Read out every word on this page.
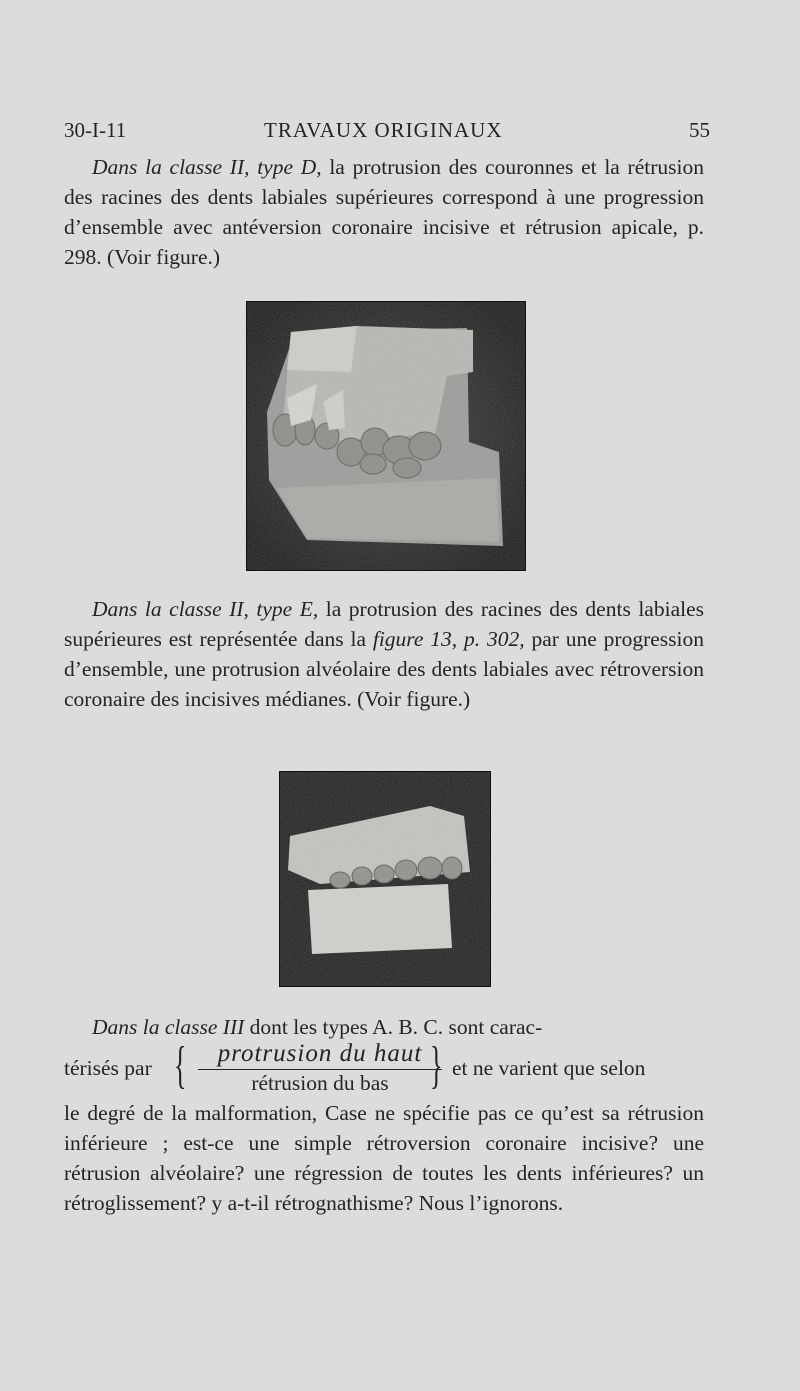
30-I-11	TRAVAUX ORIGINAUX	55

Dans la classe II, type D, la protrusion des couronnes et la rétrusion des racines des dents labiales supérieures correspond à une progression d’ensemble avec antéversion coronaire incisive et rétrusion apicale, p. 298. (Voir figure.)

Dans la classe II, type E, la protrusion des racines des dents labiales supérieures est représentée dans la figure 13, p. 302, par une progression d’ensemble, une protrusion alvéolaire des dents labiales avec rétroversion coronaire des incisives médianes. (Voir figure.)

Dans la classe III dont les types A. B. C. sont carac-

térisés par {	protrusion du haut
rétrusion du bas } et ne varient que selon

le degré de la malformation, Case ne spécifie pas ce qu’est sa rétrusion inférieure ; est-ce une simple rétroversion coronaire incisive? une rétrusion alvéolaire? une régression de toutes les dents inférieures? un rétroglissement? y a-t-il rétrognathisme? Nous l’ignorons.
